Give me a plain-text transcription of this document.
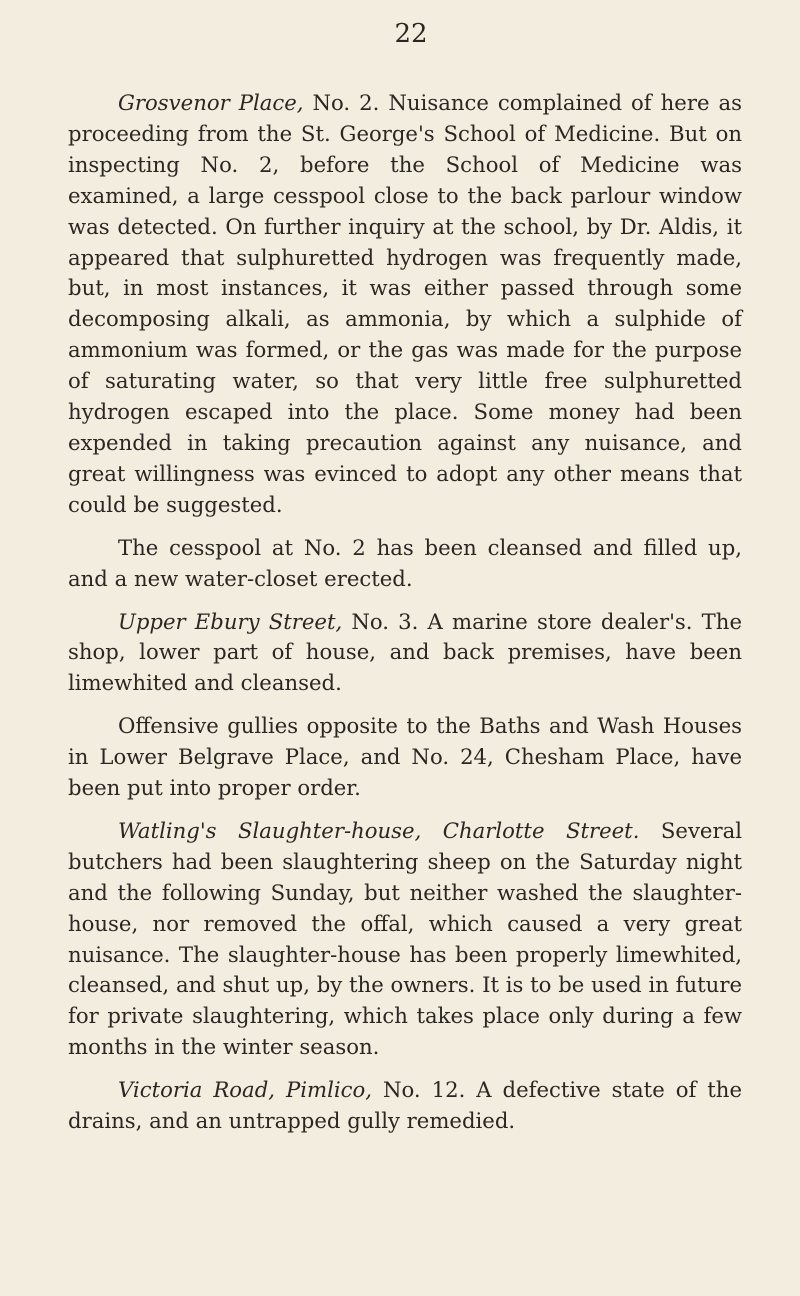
22

Grosvenor Place, No. 2. Nuisance complained of here as proceeding from the St. George's School of Medicine. But on inspecting No. 2, before the School of Medicine was examined, a large cesspool close to the back parlour window was detected. On further inquiry at the school, by Dr. Aldis, it appeared that sulphuretted hydrogen was frequently made, but, in most instances, it was either passed through some decomposing alkali, as ammonia, by which a sulphide of ammonium was formed, or the gas was made for the purpose of saturating water, so that very little free sulphuretted hydrogen escaped into the place. Some money had been expended in taking precaution against any nuisance, and great willingness was evinced to adopt any other means that could be suggested.

The cesspool at No. 2 has been cleansed and filled up, and a new water-closet erected.

Upper Ebury Street, No. 3. A marine store dealer's. The shop, lower part of house, and back premises, have been limewhited and cleansed.

Offensive gullies opposite to the Baths and Wash Houses in Lower Belgrave Place, and No. 24, Chesham Place, have been put into proper order.

Watling's Slaughter-house, Charlotte Street. Several butchers had been slaughtering sheep on the Saturday night and the following Sunday, but neither washed the slaughter-house, nor removed the offal, which caused a very great nuisance. The slaughter-house has been properly limewhited, cleansed, and shut up, by the owners. It is to be used in future for private slaughtering, which takes place only during a few months in the winter season.

Victoria Road, Pimlico, No. 12. A defective state of the drains, and an untrapped gully remedied.
